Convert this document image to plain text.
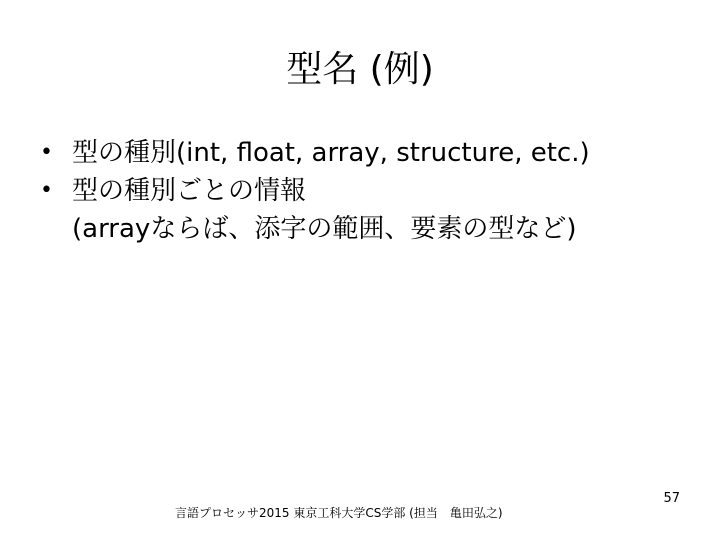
型名 (例)
• 型の種別(int, float, array, structure, etc.)
• 型の種別ごとの情報
(arrayならば、添字の範囲、要素の型など)
言語プロセッサ2015 東京工科大学CS学部 (担当　亀田弘之)
57
